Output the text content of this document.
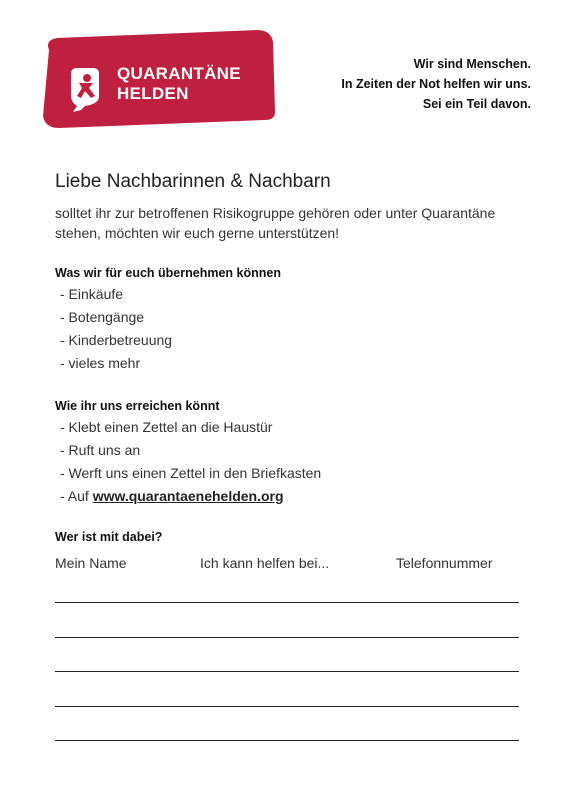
QUARANTÄNE
HELDEN
Wir sind Menschen.
In Zeiten der Not helfen wir uns.
Sei ein Teil davon.
Liebe Nachbarinnen & Nachbarn
solltet ihr zur betroffenen Risikogruppe gehören oder unter Quarantäne stehen, möchten wir euch gerne unterstützen!
Was wir für euch übernehmen können
- Einkäufe
- Botengänge
- Kinderbetreuung
- vieles mehr
Wie ihr uns erreichen könnt
- Klebt einen Zettel an die Haustür
- Ruft uns an
- Werft uns einen Zettel in den Briefkasten
- Auf www.quarantaenehelden.org
Wer ist mit dabei?
Mein Name	Ich kann helfen bei...	Telefonnummer
